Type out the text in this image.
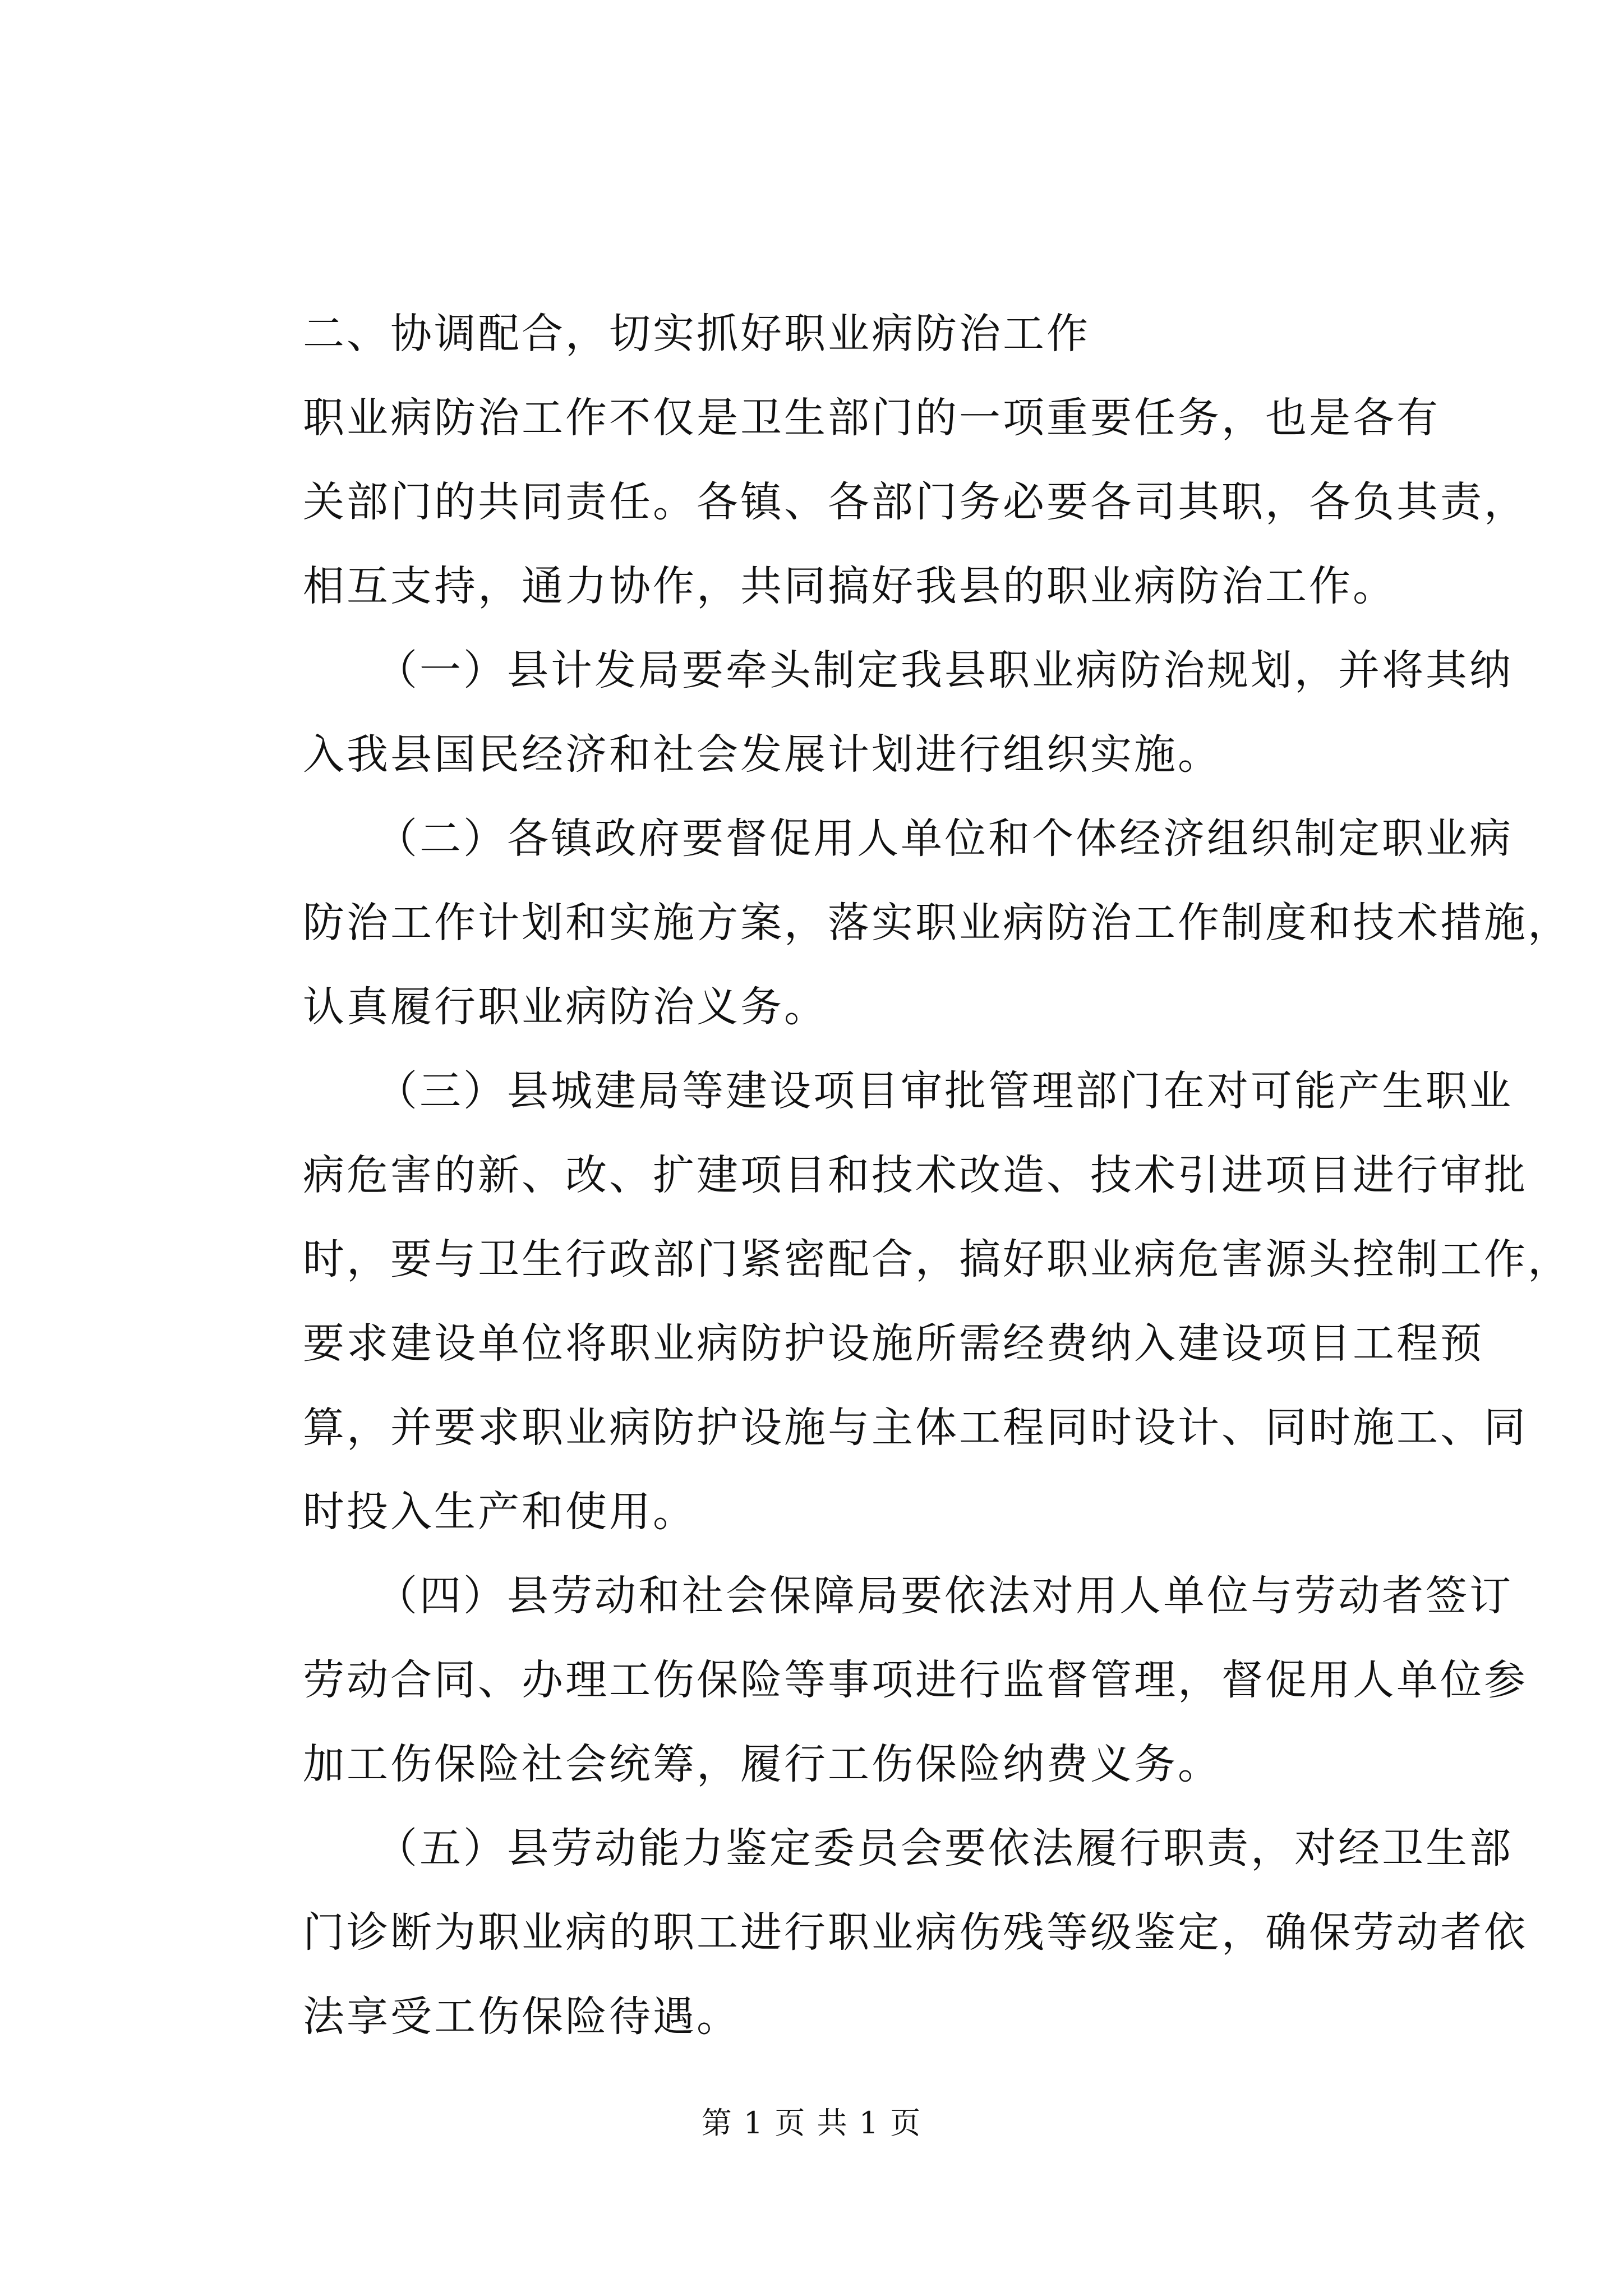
二、协调配合，切实抓好职业病防治工作

职业病防治工作不仅是卫生部门的一项重要任务，也是各有
关部门的共同责任。各镇、各部门务必要各司其职，各负其责，
相互支持，通力协作，共同搞好我县的职业病防治工作。

（一）县计发局要牵头制定我县职业病防治规划，并将其纳
入我县国民经济和社会发展计划进行组织实施。

（二）各镇政府要督促用人单位和个体经济组织制定职业病
防治工作计划和实施方案，落实职业病防治工作制度和技术措施，
认真履行职业病防治义务。

（三）县城建局等建设项目审批管理部门在对可能产生职业
病危害的新、改、扩建项目和技术改造、技术引进项目进行审批
时，要与卫生行政部门紧密配合，搞好职业病危害源头控制工作，
要求建设单位将职业病防护设施所需经费纳入建设项目工程预
算，并要求职业病防护设施与主体工程同时设计、同时施工、同
时投入生产和使用。

（四）县劳动和社会保障局要依法对用人单位与劳动者签订
劳动合同、办理工伤保险等事项进行监督管理，督促用人单位参
加工伤保险社会统筹，履行工伤保险纳费义务。

（五）县劳动能力鉴定委员会要依法履行职责，对经卫生部
门诊断为职业病的职工进行职业病伤残等级鉴定，确保劳动者依
法享受工伤保险待遇。

第 1 页 共 1 页
